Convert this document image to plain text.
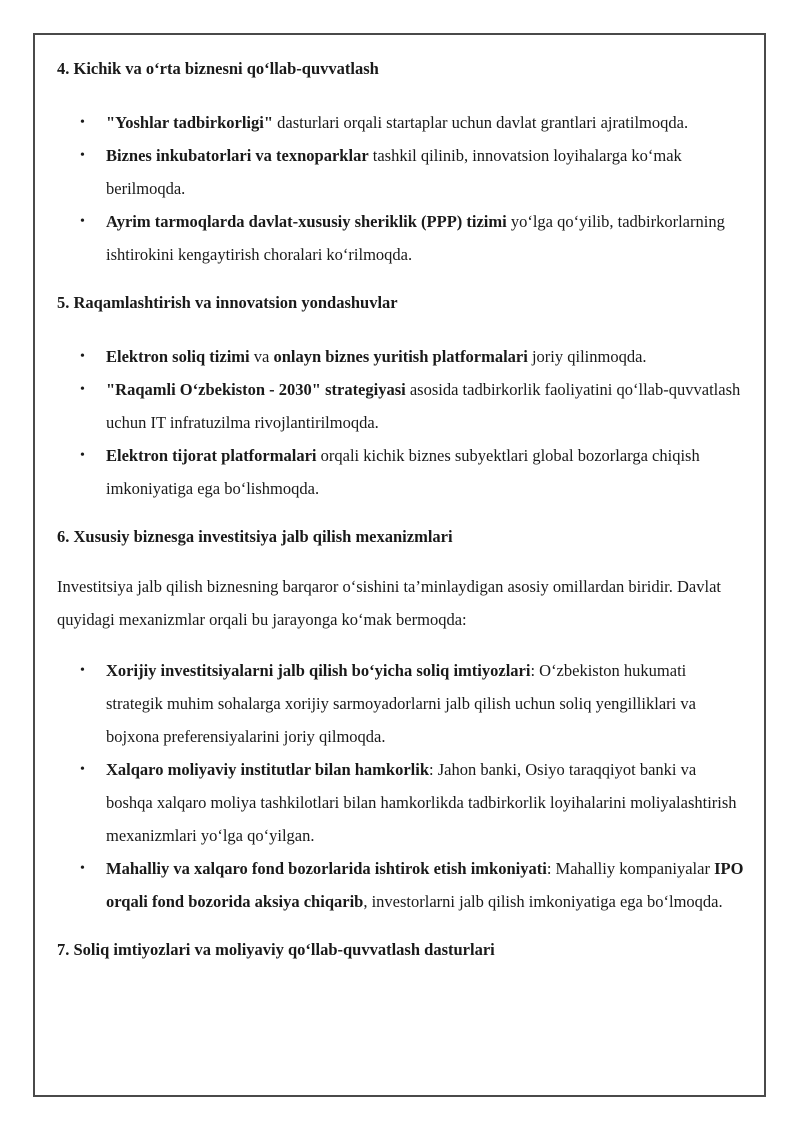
4. Kichik va o‘rta biznesni qo‘llab-quvvatlash
• "Yoshlar tadbirkorligi" dasturlari orqali startaplar uchun davlat grantlari ajratilmoqda.
• Biznes inkubatorlari va texnoparklar tashkil qilinib, innovatsion loyihalarga ko‘mak berilmoqda.
• Ayrim tarmoqlarda davlat-xususiy sheriklik (PPP) tizimi yo‘lga qo‘yilib, tadbirkorlarning ishtirokini kengaytirish choralari ko‘rilmoqda.
5. Raqamlashtirish va innovatsion yondashuvlar
• Elektron soliq tizimi va onlayn biznes yuritish platformalari joriy qilinmoqda.
• "Raqamli O‘zbekiston - 2030" strategiyasi asosida tadbirkorlik faoliyatini qo‘llab-quvvatlash uchun IT infratuzilma rivojlantirilmoqda.
• Elektron tijorat platformalari orqali kichik biznes subyektlari global bozorlarga chiqish imkoniyatiga ega bo‘lishmoqda.
6. Xususiy biznesga investitsiya jalb qilish mexanizmlari

Investitsiya jalb qilish biznesning barqaror o‘sishini ta’minlaydigan asosiy omillardan biridir. Davlat quyidagi mexanizmlar orqali bu jarayonga ko‘mak bermoqda:

• Xorijiy investitsiyalarni jalb qilish bo‘yicha soliq imtiyozlari: O‘zbekiston hukumati strategik muhim sohalarga xorijiy sarmoyadorlarni jalb qilish uchun soliq yengilliklari va bojxona preferensiyalarini joriy qilmoqda.
• Xalqaro moliyaviy institutlar bilan hamkorlik: Jahon banki, Osiyo taraqqiyot banki va boshqa xalqaro moliya tashkilotlari bilan hamkorlikda tadbirkorlik loyihalarini moliyalashtirish mexanizmlari yo‘lga qo‘yilgan.
• Mahalliy va xalqaro fond bozorlarida ishtirok etish imkoniyati: Mahalliy kompaniyalar IPO orqali fond bozorida aksiya chiqarib, investorlarni jalb qilish imkoniyatiga ega bo‘lmoqda.
7. Soliq imtiyozlari va moliyaviy qo‘llab-quvvatlash dasturlari
